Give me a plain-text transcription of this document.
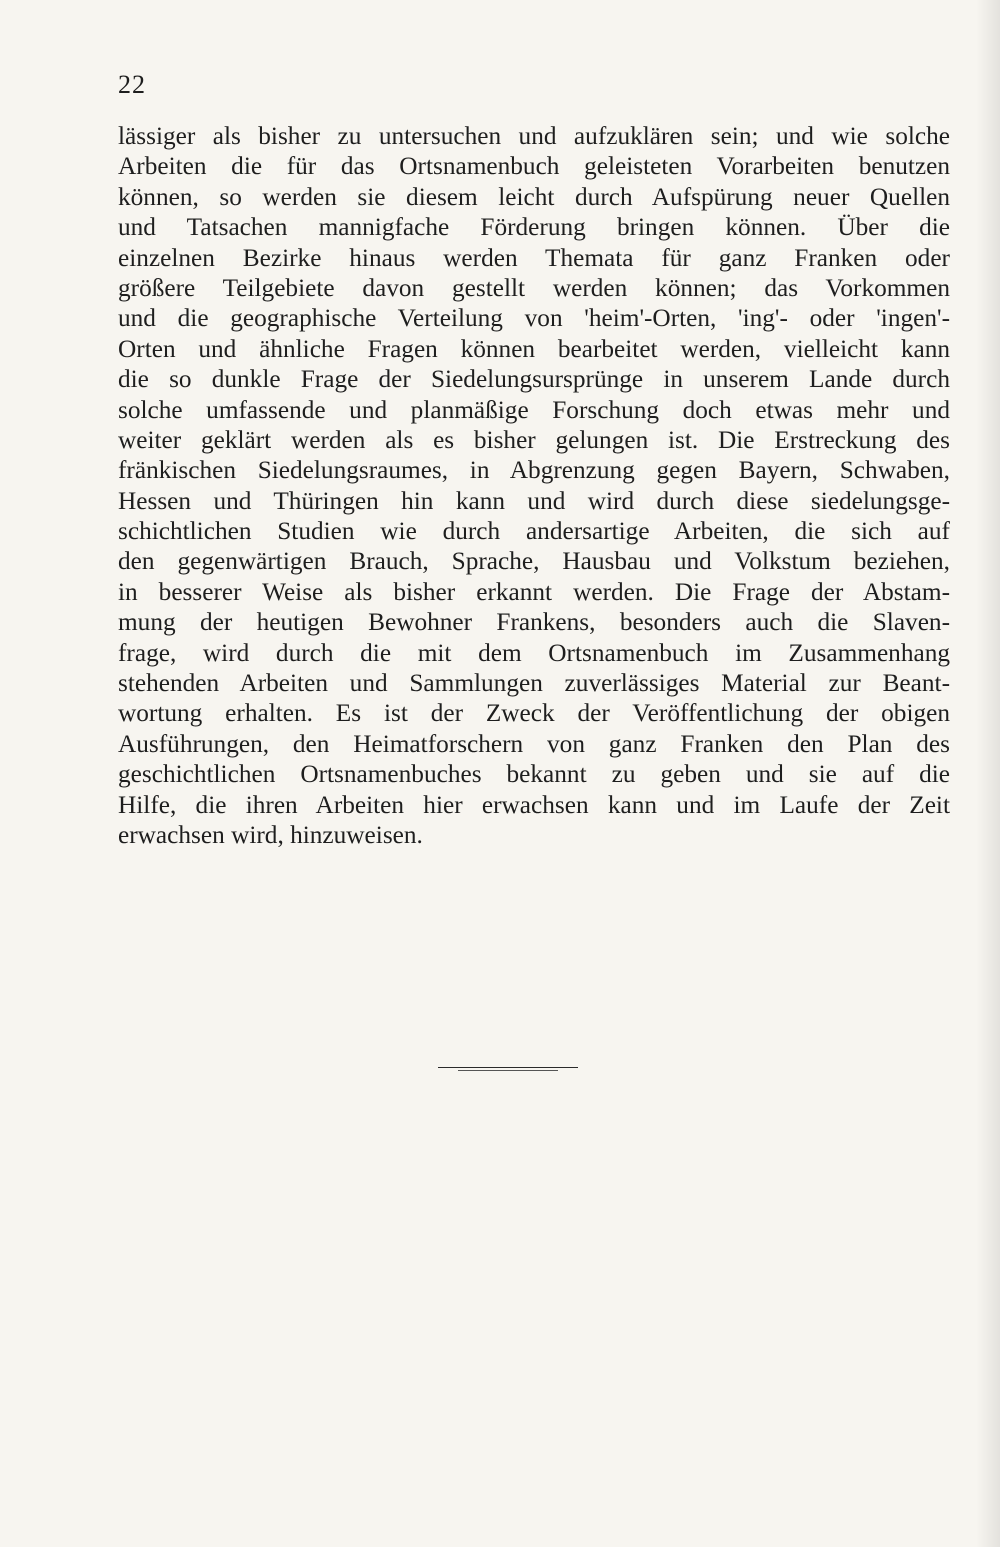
22
lässiger als bisher zu untersuchen und aufzuklären sein; und wie solche
Arbeiten die für das Ortsnamenbuch geleisteten Vorarbeiten benutzen
können, so werden sie diesem leicht durch Aufspürung neuer Quellen
und Tatsachen mannigfache Förderung bringen können. Über die
einzelnen Bezirke hinaus werden Themata für ganz Franken oder
größere Teilgebiete davon gestellt werden können; das Vorkommen
und die geographische Verteilung von 'heim'-Orten, 'ing'- oder 'ingen'-
Orten und ähnliche Fragen können bearbeitet werden, vielleicht kann
die so dunkle Frage der Siedelungsursprünge in unserem Lande durch
solche umfassende und planmäßige Forschung doch etwas mehr und
weiter geklärt werden als es bisher gelungen ist. Die Erstreckung des
fränkischen Siedelungsraumes, in Abgrenzung gegen Bayern, Schwaben,
Hessen und Thüringen hin kann und wird durch diese siedelungsge-
schichtlichen Studien wie durch andersartige Arbeiten, die sich auf
den gegenwärtigen Brauch, Sprache, Hausbau und Volkstum beziehen,
in besserer Weise als bisher erkannt werden. Die Frage der Abstam-
mung der heutigen Bewohner Frankens, besonders auch die Slaven-
frage, wird durch die mit dem Ortsnamenbuch im Zusammenhang
stehenden Arbeiten und Sammlungen zuverlässiges Material zur Beant-
wortung erhalten. Es ist der Zweck der Veröffentlichung der obigen
Ausführungen, den Heimatforschern von ganz Franken den Plan des
geschichtlichen Ortsnamenbuches bekannt zu geben und sie auf die
Hilfe, die ihren Arbeiten hier erwachsen kann und im Laufe der Zeit
erwachsen wird, hinzuweisen.
